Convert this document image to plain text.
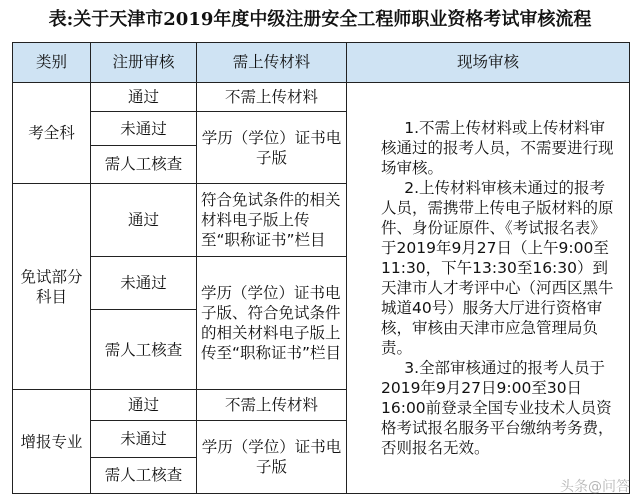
表:关于天津市2019年度中级注册安全工程师职业资格考试审核流程
类别	注册审核	需上传材料	现场审核
考全科	通过	不需上传材料	1.不需上传材料或上传材料审核通过的报考人员，不需要进行现场审核。

2.上传材料审核未通过的报考人员，需携带上传电子版材料的原件、身份证原件、《考试报名表》于2019年9月27日（上午9:00至11:30，下午13:30至16:30）到天津市人才考评中心（河西区黑牛城道40号）服务大厅进行资格审核，审核由天津市应急管理局负责。

3.全部审核通过的报考人员于2019年9月27日9:00至30日16:00前登录全国专业技术人员资格考试报名服务平台缴纳考务费，否则报名无效。

	未通过	学历（学位）证书电子版	
	需人工核查		
免试部分科目	通过	符合免试条件的相关材料电子版上传至“职称证书”栏目	
	未通过	学历（学位）证书电子版、符合免试条件的相关材料电子版上传至“职称证书”栏目	
	需人工核查		
增报专业	通过	不需上传材料	
	未通过	学历（学位）证书电子版	
	需人工核查		
头条@问答
